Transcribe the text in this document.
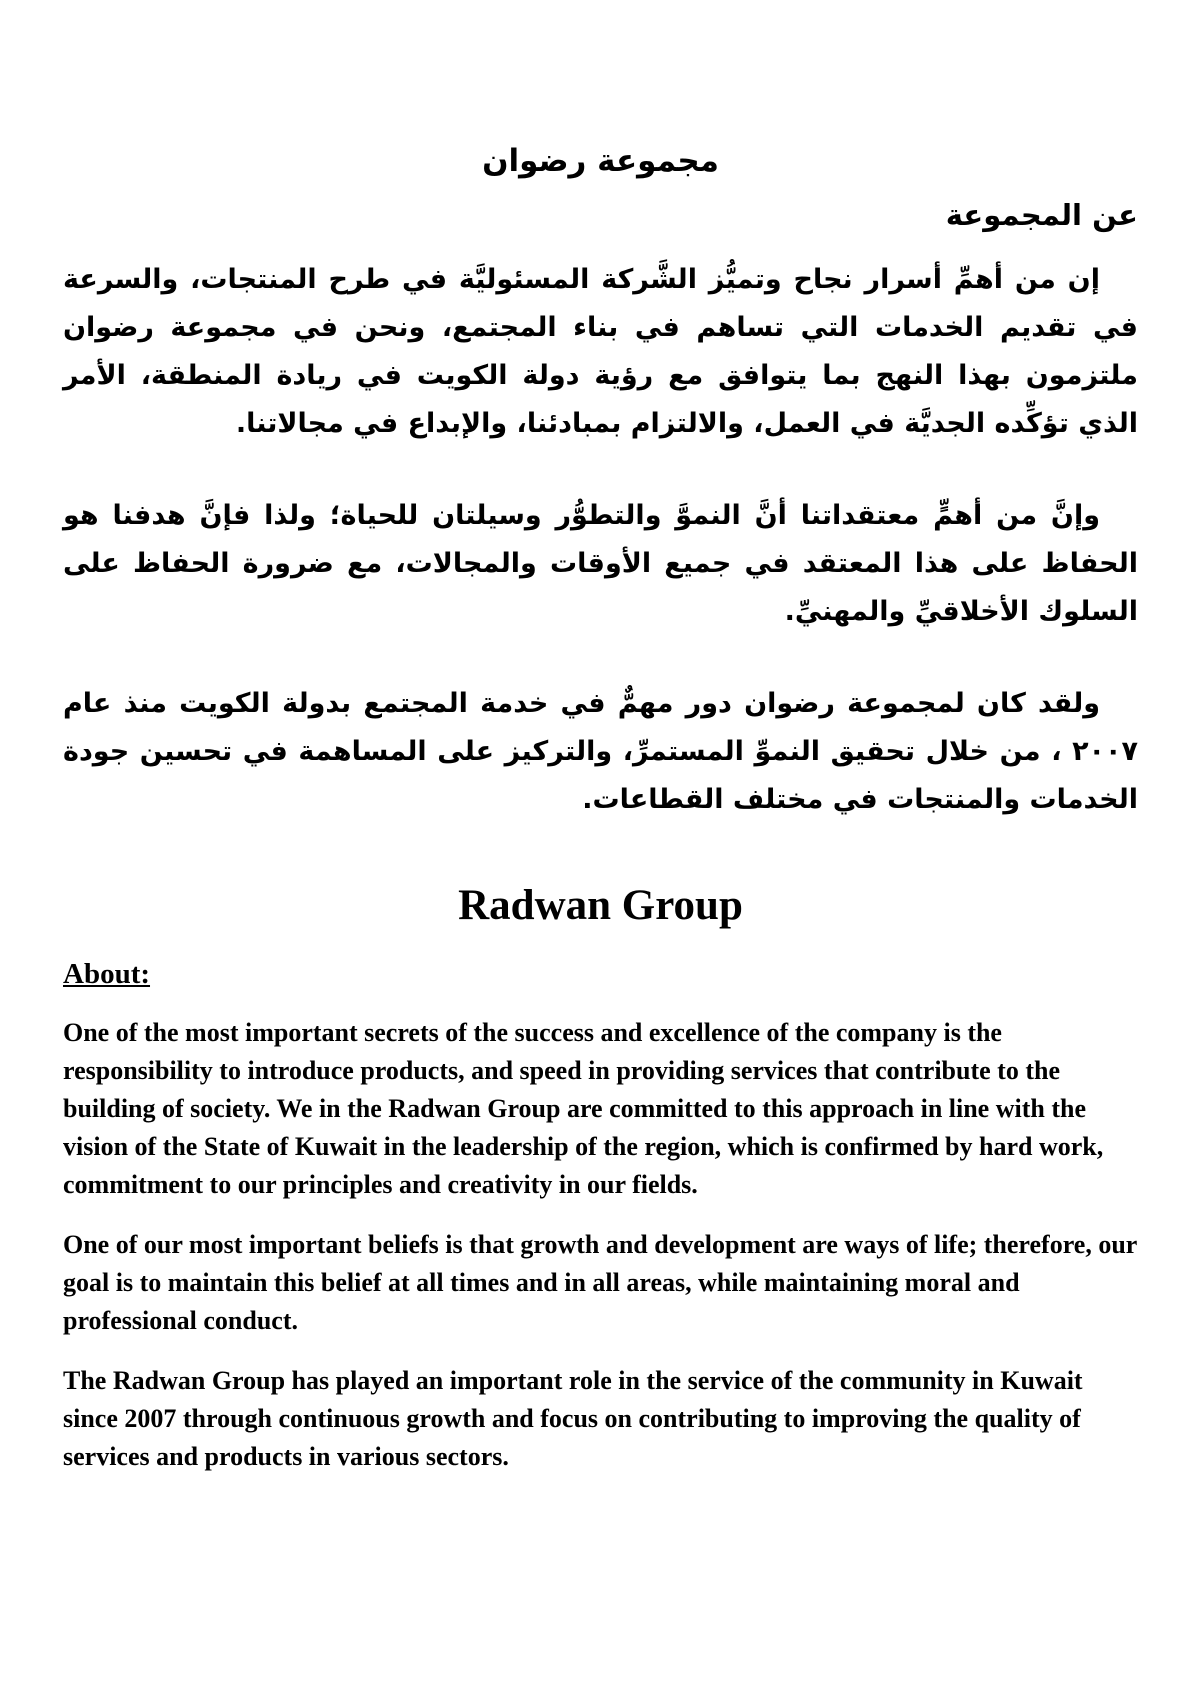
مجموعة رضوان
عن المجموعة

إن من أهمِّ أسرار نجاح وتميُّز الشَّركة المسئوليَّة في طرح المنتجات، والسرعة في تقديم الخدمات التي تساهم في بناء المجتمع، ونحن في مجموعة رضوان ملتزمون بهذا النهج بما يتوافق مع رؤية دولة الكويت في ريادة المنطقة، الأمر الذي تؤكِّده الجديَّة في العمل، والالتزام بمبادئنا، والإبداع في مجالاتنا.

وإنَّ من أهمٍّ معتقداتنا أنَّ النموَّ والتطوُّر وسيلتان للحياة؛ ولذا فإنَّ هدفنا هو الحفاظ على هذا المعتقد في جميع الأوقات والمجالات، مع ضرورة الحفاظ على السلوك الأخلاقيِّ والمهنيِّ.

ولقد كان لمجموعة رضوان دور مهمٌّ في خدمة المجتمع بدولة الكويت منذ عام ٢٠٠٧ ، من خلال تحقيق النموِّ المستمرِّ، والتركيز على المساهمة في تحسين جودة الخدمات والمنتجات في مختلف القطاعات.

Radwan Group
About:

One of the most important secrets of the success and excellence of the company is the responsibility to introduce products, and speed in providing services that contribute to the building of society. We in the Radwan Group are committed to this approach in line with the vision of the State of Kuwait in the leadership of the region, which is confirmed by hard work, commitment to our principles and creativity in our fields.

One of our most important beliefs is that growth and development are ways of life; therefore, our goal is to maintain this belief at all times and in all areas, while maintaining moral and professional conduct.

The Radwan Group has played an important role in the service of the community in Kuwait since 2007 through continuous growth and focus on contributing to improving the quality of services and products in various sectors.
